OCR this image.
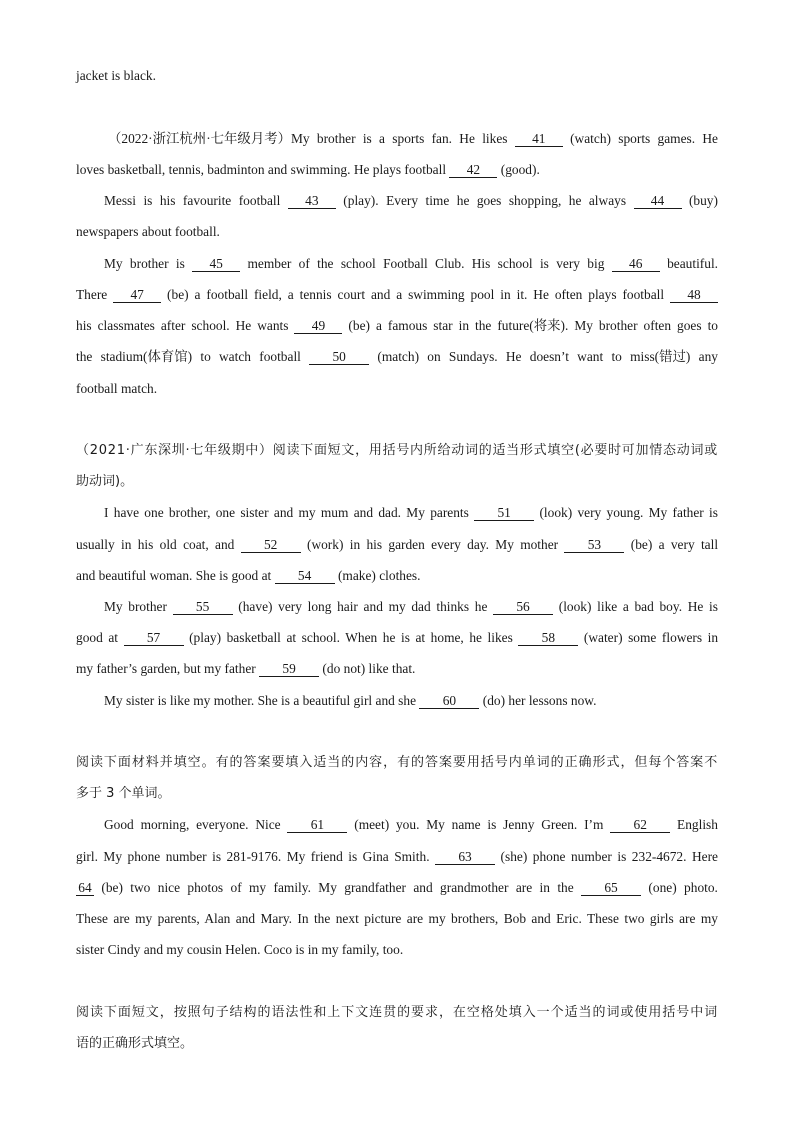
jacket is black.
（2022·浙江杭州·七年级月考）My brother is a sports fan. He likes 41 (watch) sports games. He
loves basketball, tennis, badminton and swimming. He plays football 42 (good).
Messi is his favourite football 43 (play). Every time he goes shopping, he always 44 (buy)
newspapers about football.
My brother is 45 member of the school Football Club. His school is very big 46 beautiful.
There 47 (be) a football field, a tennis court and a swimming pool in it. He often plays football 48
his classmates after school. He wants 49 (be) a famous star in the future(将来). My brother often goes to
the stadium(体育馆) to watch football 50 (match) on Sundays. He doesn’t want to miss(错过) any
football match.
（2021·广东深圳·七年级期中）阅读下面短文，用括号内所给动词的适当形式填空(必要时可加情态动词或
助动词)。
I have one brother, one sister and my mum and dad. My parents 51 (look) very young. My father is
usually in his old coat, and 52 (work) in his garden every day. My mother 53 (be) a very tall
and beautiful woman. She is good at 54 (make) clothes.
My brother 55 (have) very long hair and my dad thinks he 56 (look) like a bad boy. He is
good at 57 (play) basketball at school. When he is at home, he likes 58 (water) some flowers in
my father’s garden, but my father 59 (do not) like that.
My sister is like my mother. She is a beautiful girl and she 60 (do) her lessons now.
阅读下面材料并填空。有的答案要填入适当的内容，有的答案要用括号内单词的正确形式，但每个答案不
多于 3 个单词。
Good morning, everyone. Nice 61 (meet) you. My name is Jenny Green. I’m 62 English
girl. My phone number is 281-9176. My friend is Gina Smith. 63 (she) phone number is 232-4672. Here
64 (be) two nice photos of my family. My grandfather and grandmother are in the 65 (one) photo.
These are my parents, Alan and Mary. In the next picture are my brothers, Bob and Eric. These two girls are my
sister Cindy and my cousin Helen. Coco is in my family, too.
阅读下面短文，按照句子结构的语法性和上下文连贯的要求，在空格处填入一个适当的词或使用括号中词
语的正确形式填空。
